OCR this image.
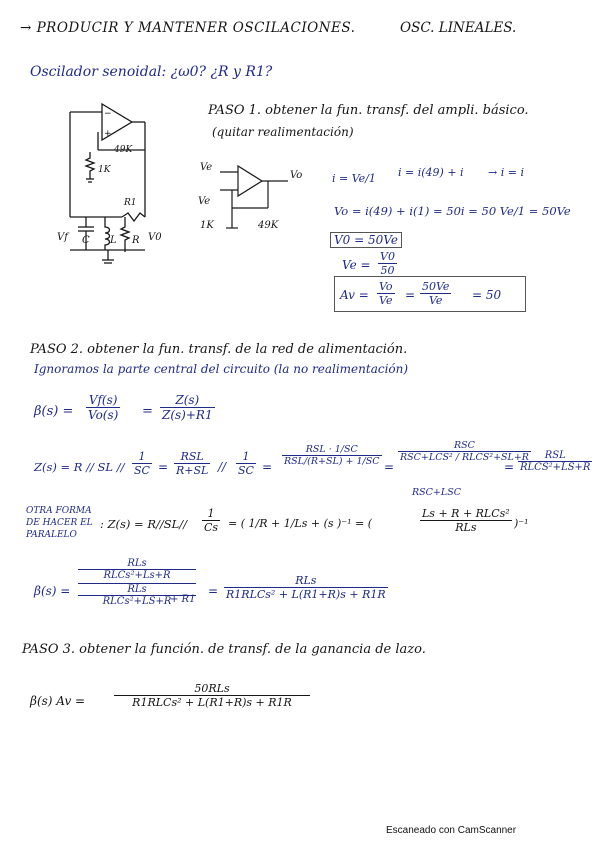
→ PRODUCIR Y MANTENER OSCILACIONES.	OSC. LINEALES.
Oscilador senoidal: ¿ω0? ¿R y R1?
−
+
49K
1K
R1
Vf C L R V0
PASO 1. obtener la fun. transf. del ampli. básico.
(quitar realimentación)
Ve
Vo
Ve
1K	49K
i = Ve/1 i = i(49) + i → i = i
Vo = i(49) + i(1) = 50i = 50 Ve/1 = 50Ve
V0 = 50Ve
$Ve = \frac{V0}{50}$
$Av = \frac{Vo}{Ve} = \frac{50Ve}{Ve} = 50$
PASO 2. obtener la fun. transf. de la red de alimentación.
Ignoramos la parte central del circuito (la no realimentación)
$\beta(s) = \frac{Vf(s)}{Vo(s)} = \frac{Z(s)}{Z(s)+R1}$
Z(s) = R // SL // $\frac{1}{SC}$ =
RSL
$R+SL // \frac{1}{SC}$ =
RSL · 1/SC
RSL/(R+SL) + 1/SC =
RSC
RSC+LCS² / RLCS²+SL+R
RSC+LSC
=
RSL
RLCS²+LS+R
OTRA FORMA
DE HACER EL
PARALELO
: $Z(s) = R//SL// \frac{1}{Cs}$ = ( 1/R + 1/Ls + (s )⁻¹ = (
Ls + R + RLCs²
RLs	)⁻¹
β(s) =
RLs
RLCs²+Ls+R
RLs
RLCs²+LS+R
+ R1
=
RLs
R1RLCs² + L(R1+R)s + R1R
PASO 3. obtener la función. de transf. de la ganancia de lazo.
β(s) Av =
50RLs
R1RLCs² + L(R1+R)s + R1R
Escaneado con CamScanner
